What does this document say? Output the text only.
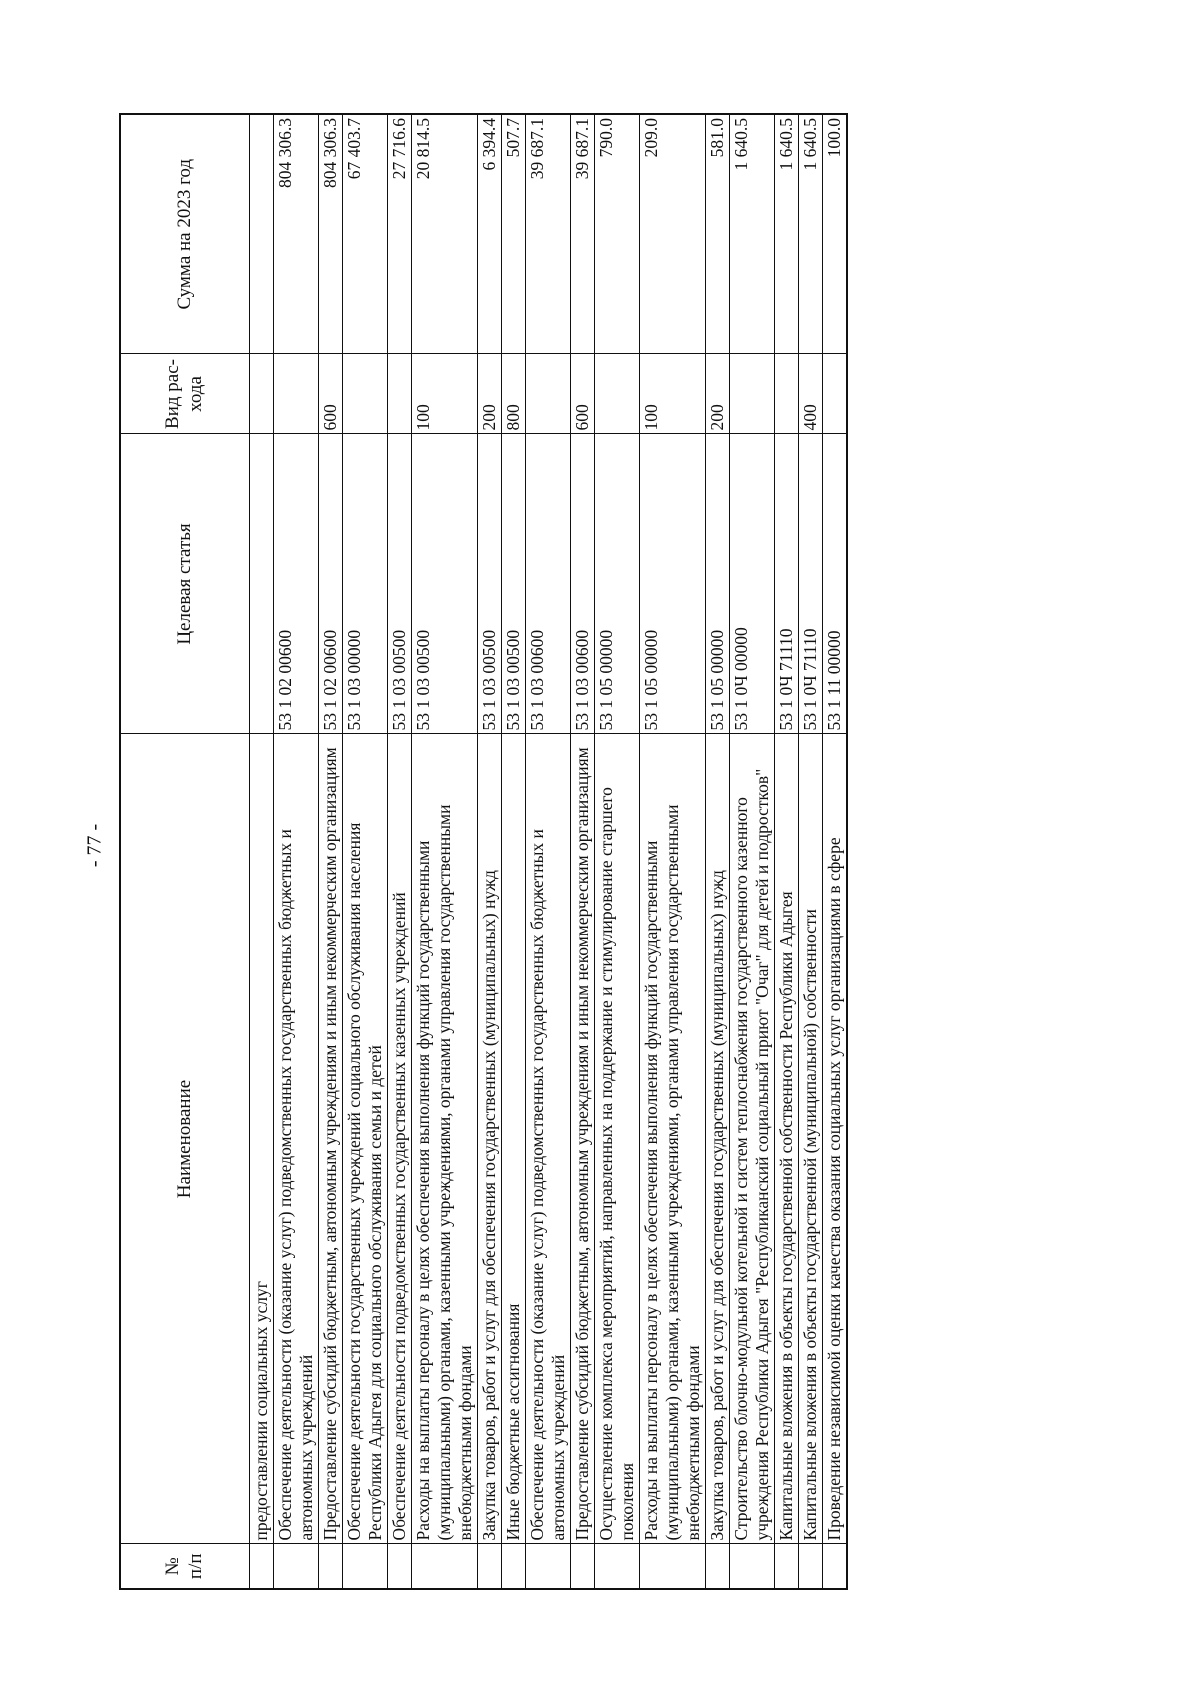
- 77 -
№ п/п	Наименование	Целевая статья	Вид рас- хода	Сумма на 2023 год
	предоставлении социальных услуг			
	Обеспечение деятельности (оказание услуг) подведомственных государственных бюджетных и автономных учреждений	53 1 02 00600		804 306.3
	Предоставление субсидий бюджетным, автономным учреждениям и иным некоммерческим организациям	53 1 02 00600	600	804 306.3
	Обеспечение деятельности государственных учреждений социального обслуживания населения Республики Адыгея для социального обслуживания семьи и детей	53 1 03 00000		67 403.7
	Обеспечение деятельности подведомственных государственных казенных учреждений	53 1 03 00500		27 716.6
	Расходы на выплаты персоналу в целях обеспечения выполнения функций государственными (муниципальными) органами, казенными учреждениями, органами управления государственными внебюджетными фондами	53 1 03 00500	100	20 814.5
	Закупка товаров, работ и услуг для обеспечения государственных (муниципальных) нужд	53 1 03 00500	200	6 394.4
	Иные бюджетные ассигнования	53 1 03 00500	800	507.7
	Обеспечение деятельности (оказание услуг) подведомственных государственных бюджетных и автономных учреждений	53 1 03 00600		39 687.1
	Предоставление субсидий бюджетным, автономным учреждениям и иным некоммерческим организациям	53 1 03 00600	600	39 687.1
	Осуществление комплекса мероприятий, направленных на поддержание и стимулирование старшего поколения	53 1 05 00000		790.0
	Расходы на выплаты персоналу в целях обеспечения выполнения функций государственными (муниципальными) органами, казенными учреждениями, органами управления государственными внебюджетными фондами	53 1 05 00000	100	209.0
	Закупка товаров, работ и услуг для обеспечения государственных (муниципальных) нужд	53 1 05 00000	200	581.0
	Строительство блочно-модульной котельной и систем теплоснабжения государственного казенного учреждения Республики Адыгея "Республиканский социальный приют "Очаг" для детей и подростков"	53 1 0Ч 00000		1 640.5
	Капитальные вложения в объекты государственной собственности Республики Адыгея	53 1 0Ч 71110		1 640.5
	Капитальные вложения в объекты государственной (муниципальной) собственности	53 1 0Ч 71110	400	1 640.5
	Проведение независимой оценки качества оказания социальных услуг организациями в сфере	53 1 11 00000		100.0
